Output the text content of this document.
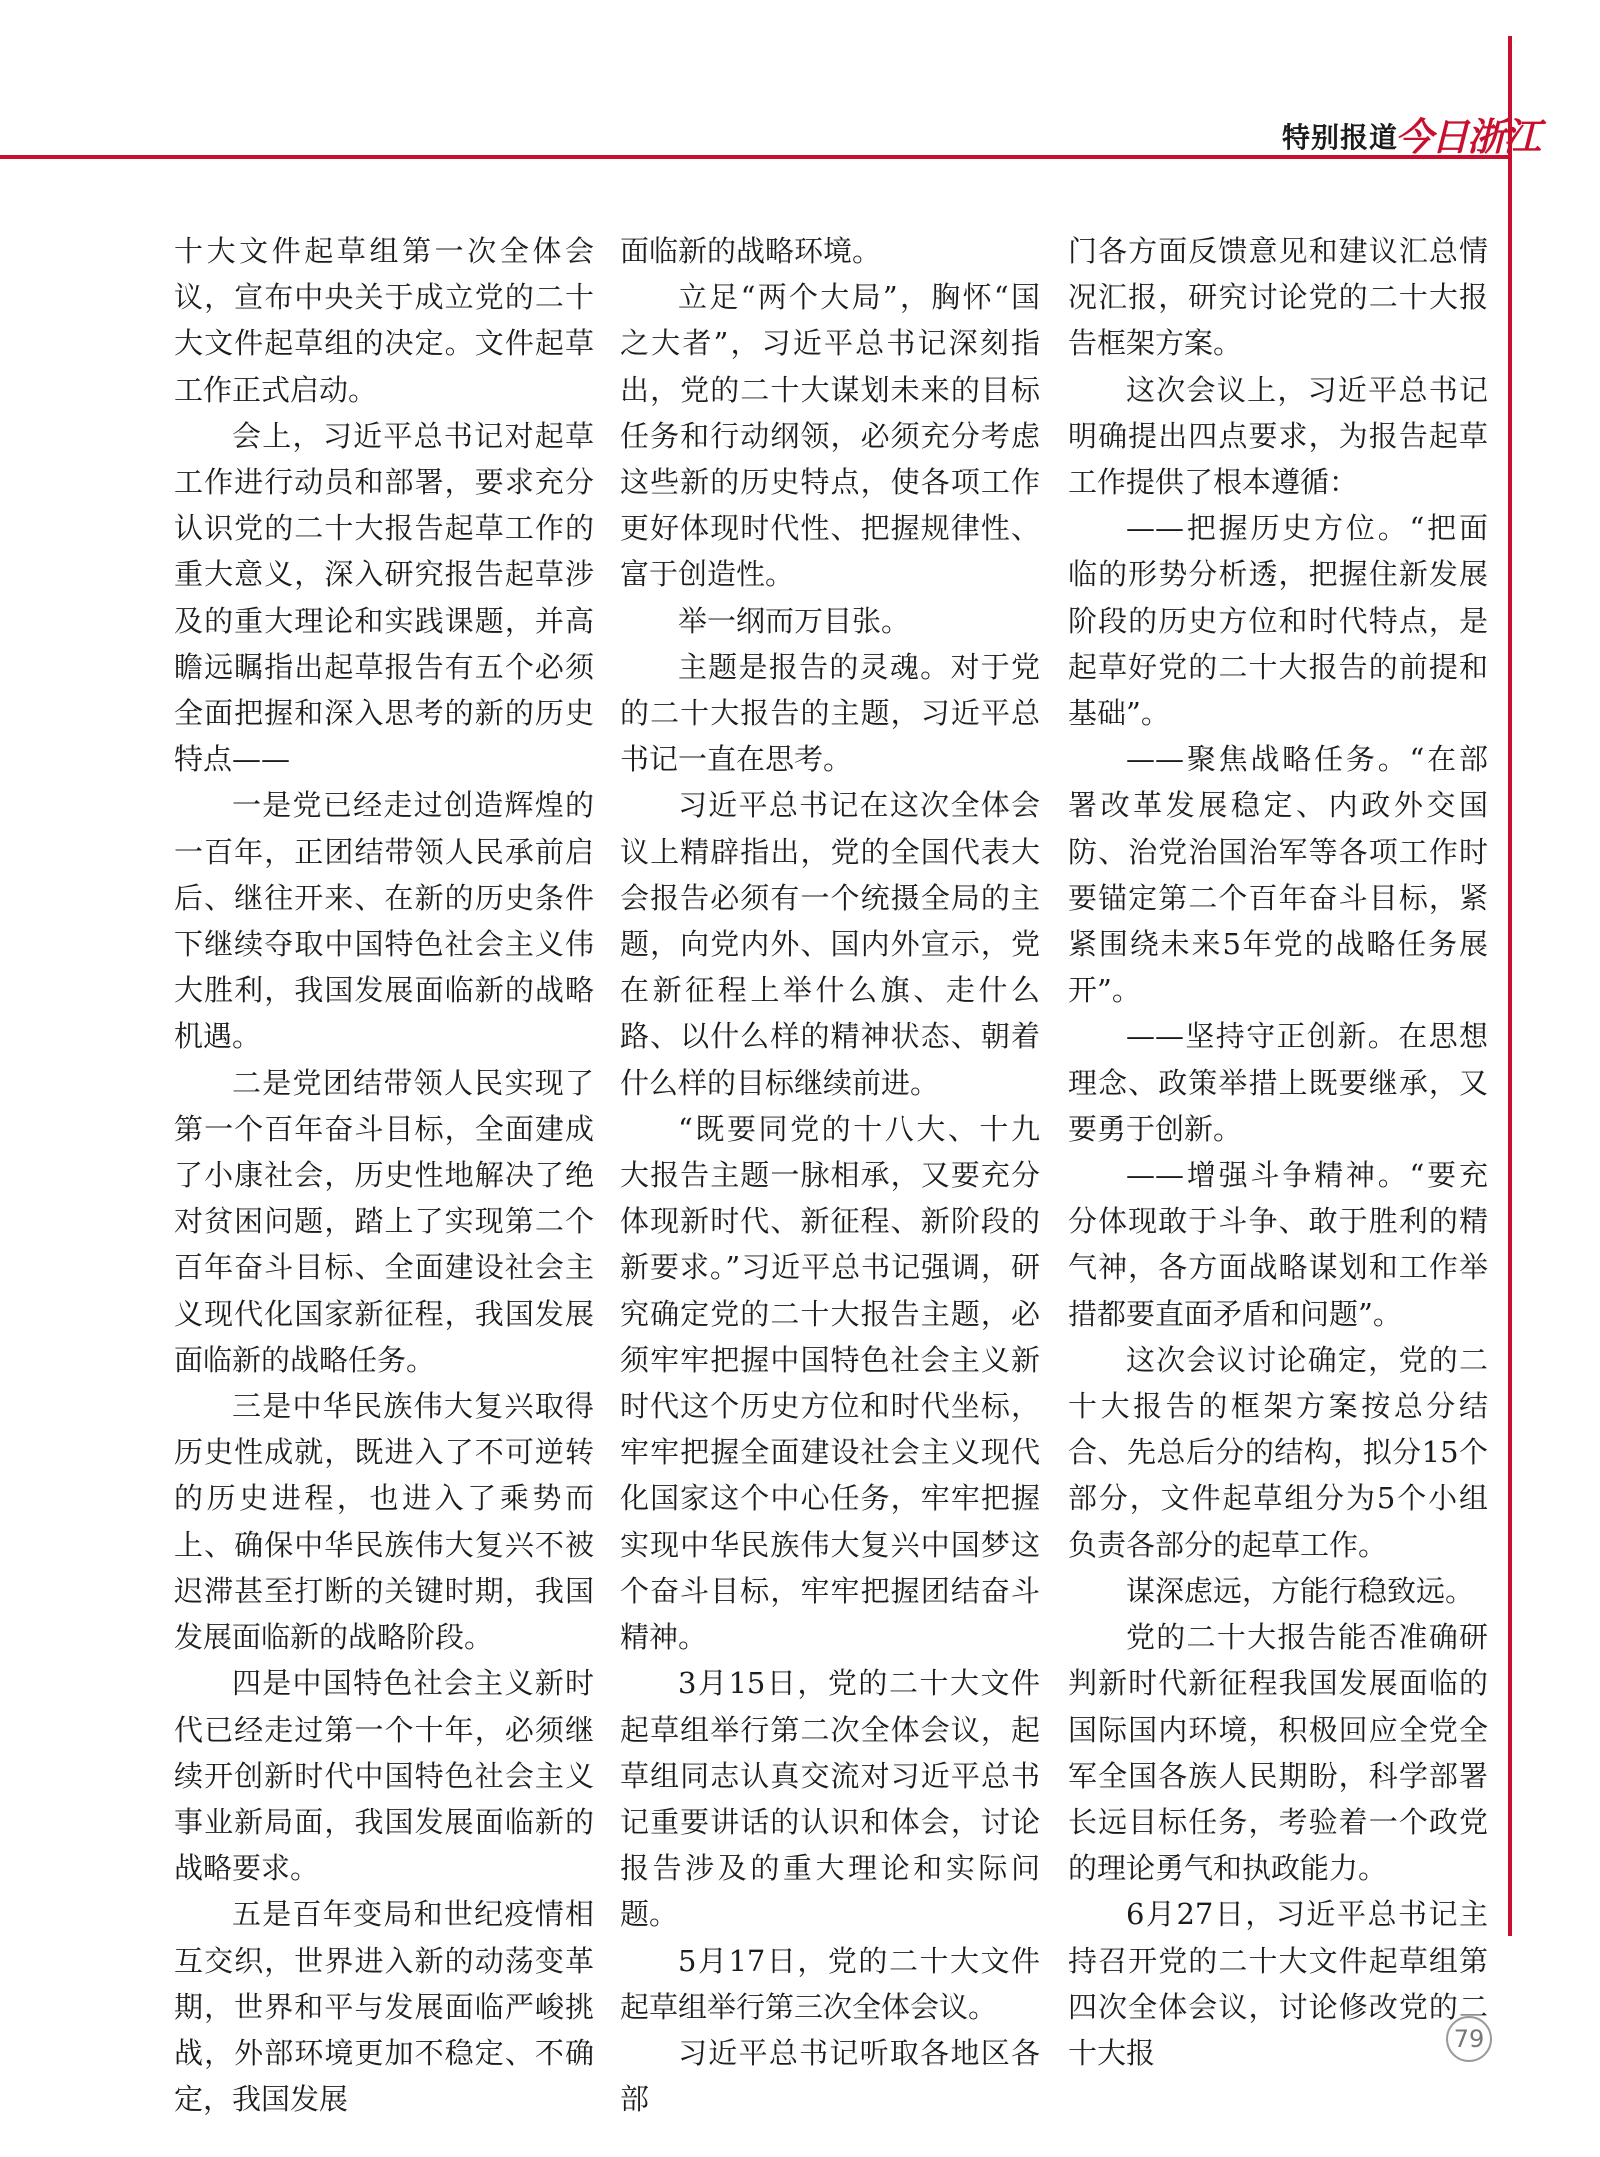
特别报道
今日浙江

十大文件起草组第一次全体会议，宣布中央关于成立党的二十大文件起草组的决定。文件起草工作正式启动。

会上，习近平总书记对起草工作进行动员和部署，要求充分认识党的二十大报告起草工作的重大意义，深入研究报告起草涉及的重大理论和实践课题，并高瞻远瞩指出起草报告有五个必须全面把握和深入思考的新的历史特点——

一是党已经走过创造辉煌的一百年，正团结带领人民承前启后、继往开来、在新的历史条件下继续夺取中国特色社会主义伟大胜利，我国发展面临新的战略机遇。

二是党团结带领人民实现了第一个百年奋斗目标，全面建成了小康社会，历史性地解决了绝对贫困问题，踏上了实现第二个百年奋斗目标、全面建设社会主义现代化国家新征程，我国发展面临新的战略任务。

三是中华民族伟大复兴取得历史性成就，既进入了不可逆转的历史进程，也进入了乘势而上、确保中华民族伟大复兴不被迟滞甚至打断的关键时期，我国发展面临新的战略阶段。

四是中国特色社会主义新时代已经走过第一个十年，必须继续开创新时代中国特色社会主义事业新局面，我国发展面临新的战略要求。

五是百年变局和世纪疫情相互交织，世界进入新的动荡变革期，世界和平与发展面临严峻挑战，外部环境更加不稳定、不确定，我国发展

面临新的战略环境。

立足“两个大局”，胸怀“国之大者”，习近平总书记深刻指出，党的二十大谋划未来的目标任务和行动纲领，必须充分考虑这些新的历史特点，使各项工作更好体现时代性、把握规律性、富于创造性。

举一纲而万目张。

主题是报告的灵魂。对于党的二十大报告的主题，习近平总书记一直在思考。

习近平总书记在这次全体会议上精辟指出，党的全国代表大会报告必须有一个统摄全局的主题，向党内外、国内外宣示，党在新征程上举什么旗、走什么路、以什么样的精神状态、朝着什么样的目标继续前进。

“既要同党的十八大、十九大报告主题一脉相承，又要充分体现新时代、新征程、新阶段的新要求。”习近平总书记强调，研究确定党的二十大报告主题，必须牢牢把握中国特色社会主义新时代这个历史方位和时代坐标，牢牢把握全面建设社会主义现代化国家这个中心任务，牢牢把握实现中华民族伟大复兴中国梦这个奋斗目标，牢牢把握团结奋斗精神。

3月15日，党的二十大文件起草组举行第二次全体会议，起草组同志认真交流对习近平总书记重要讲话的认识和体会，讨论报告涉及的重大理论和实际问题。

5月17日，党的二十大文件起草组举行第三次全体会议。

习近平总书记听取各地区各部

门各方面反馈意见和建议汇总情况汇报，研究讨论党的二十大报告框架方案。

这次会议上，习近平总书记明确提出四点要求，为报告起草工作提供了根本遵循：

——把握历史方位。“把面临的形势分析透，把握住新发展阶段的历史方位和时代特点，是起草好党的二十大报告的前提和基础”。

——聚焦战略任务。“在部署改革发展稳定、内政外交国防、治党治国治军等各项工作时要锚定第二个百年奋斗目标，紧紧围绕未来5年党的战略任务展开”。

——坚持守正创新。在思想理念、政策举措上既要继承，又要勇于创新。

——增强斗争精神。“要充分体现敢于斗争、敢于胜利的精气神，各方面战略谋划和工作举措都要直面矛盾和问题”。

这次会议讨论确定，党的二十大报告的框架方案按总分结合、先总后分的结构，拟分15个部分，文件起草组分为5个小组负责各部分的起草工作。

谋深虑远，方能行稳致远。

党的二十大报告能否准确研判新时代新征程我国发展面临的国际国内环境，积极回应全党全军全国各族人民期盼，科学部署长远目标任务，考验着一个政党的理论勇气和执政能力。

6月27日，习近平总书记主持召开党的二十大文件起草组第四次全体会议，讨论修改党的二十大报	79
